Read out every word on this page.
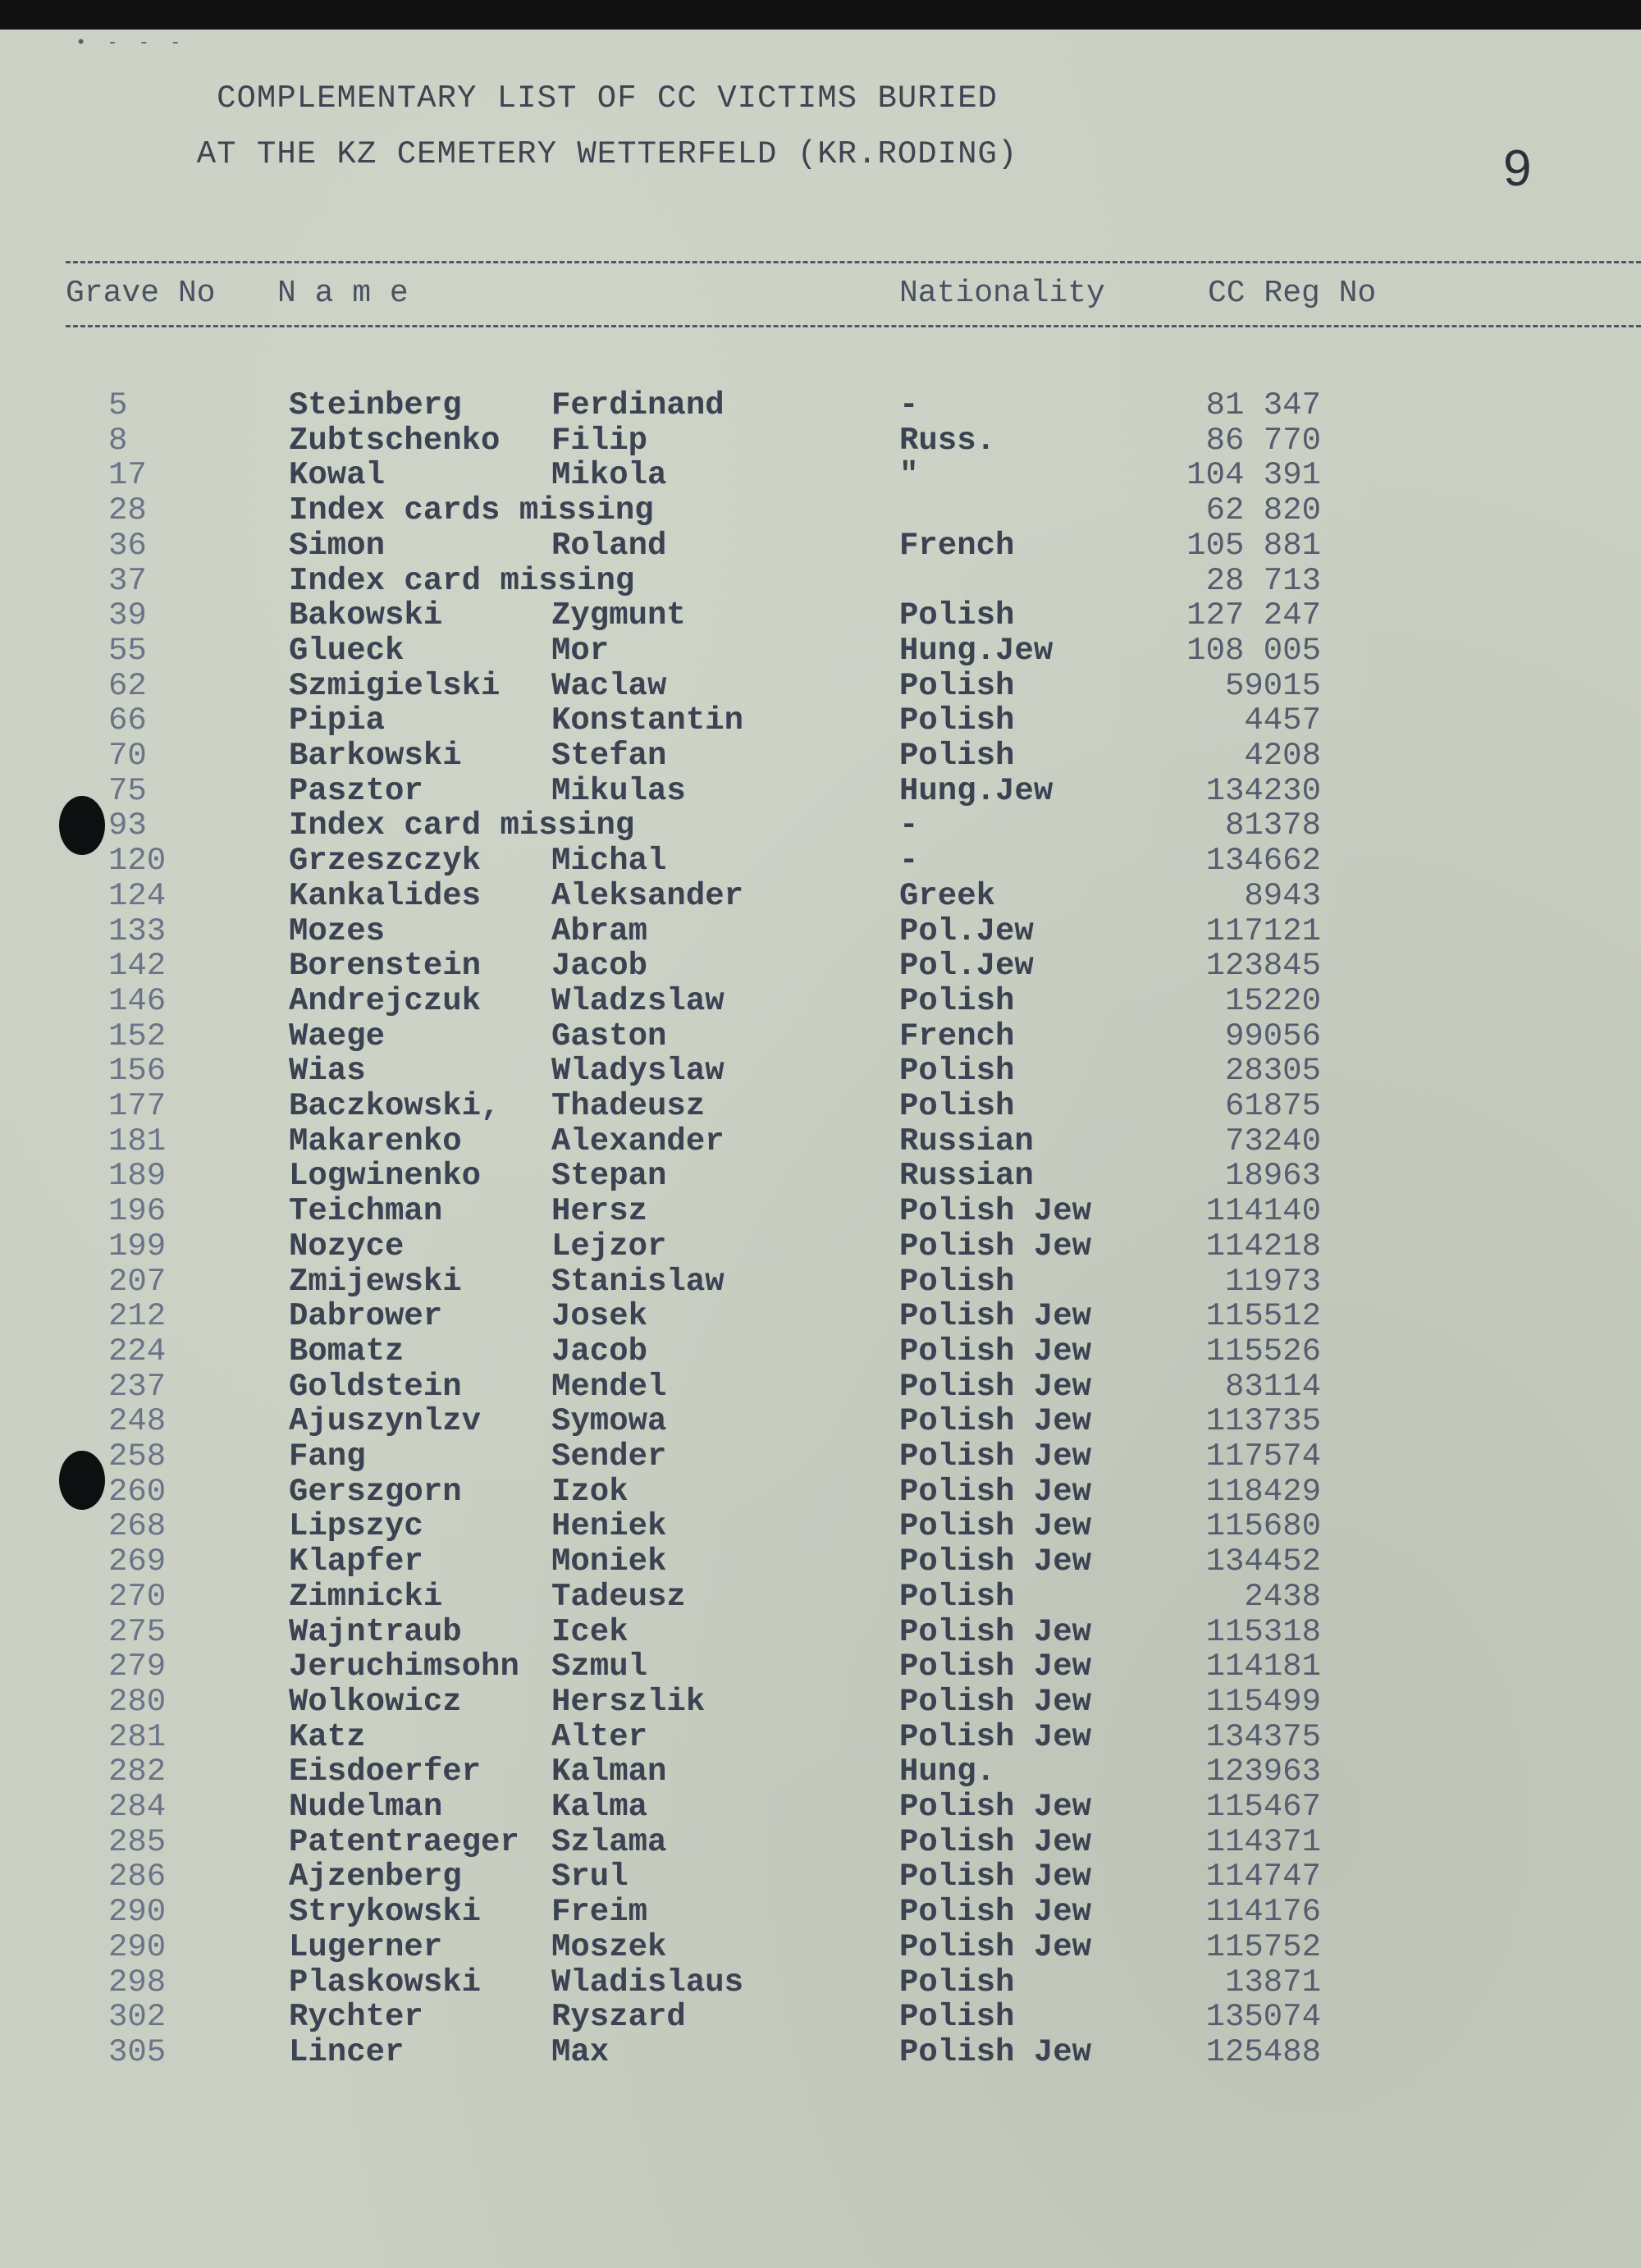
• - - -
COMPLEMENTARY LIST OF CC VICTIMS BURIED
AT THE KZ CEMETERY WETTERFELD (KR.RODING)	9
Grave No N a m e	Nationality	CC Reg No
5	Steinberg	Ferdinand	-	81 347
8	Zubtschenko Filip	Russ.	86 770
17	Kowal	Mikola	"	104 391
28	Index cards missing	62 820
36	Simon	Roland	French	105 881
37	Index card missing	28 713
39	Bakowski	Zygmunt	Polish	127 247
55	Glueck	Mor	Hung.Jew	108 005
62	Szmigielski Waclaw	Polish	59015
66	Pipia	Konstantin	Polish	4457
70	Barkowski	Stefan	Polish	4208
75	Pasztor	Mikulas	Hung.Jew	134230
93	Index card missing	-	81378
120	Grzeszczyk Michal	-	134662
124	Kankalides Aleksander	Greek	8943
133	Mozes	Abram	Pol.Jew	117121
142	Borenstein Jacob	Pol.Jew	123845
146	Andrejczuk Wladzslaw	Polish	15220
152	Waege	Gaston	French	99056
156	Wias	Wladyslaw	Polish	28305
177	Baczkowski, Thadeusz	Polish	61875
181	Makarenko	Alexander	Russian	73240
189	Logwinenko Stepan	Russian	18963
196	Teichman	Hersz	Polish Jew	114140
199	Nozyce	Lejzor	Polish Jew	114218
207	Zmijewski	Stanislaw	Polish	11973
212	Dabrower	Josek	Polish Jew	115512
224	Bomatz	Jacob	Polish Jew	115526
237	Goldstein	Mendel	Polish Jew	83114
248	Ajuszynlzv Symowa	Polish Jew	113735
258	Fang	Sender	Polish Jew	117574
260	Gerszgorn	Izok	Polish Jew	118429
268	Lipszyc	Heniek	Polish Jew	115680
269	Klapfer	Moniek	Polish Jew	134452
270	Zimnicki	Tadeusz	Polish	2438
275	Wajntraub	Icek	Polish Jew	115318
279	Jeruchimsohn Szmul	Polish Jew	114181
280	Wolkowicz	Herszlik	Polish Jew	115499
281	Katz	Alter	Polish Jew	134375
282	Eisdoerfer Kalman	Hung.	123963
284	Nudelman	Kalma	Polish Jew	115467
285	Patentraeger Szlama	Polish Jew	114371
286	Ajzenberg	Srul	Polish Jew	114747
290	Strykowski Freim	Polish Jew	114176
290	Lugerner	Moszek	Polish Jew	115752
298	Plaskowski Wladislaus	Polish	13871
302	Rychter	Ryszard	Polish	135074
305	Lincer	Max	Polish Jew	125488
